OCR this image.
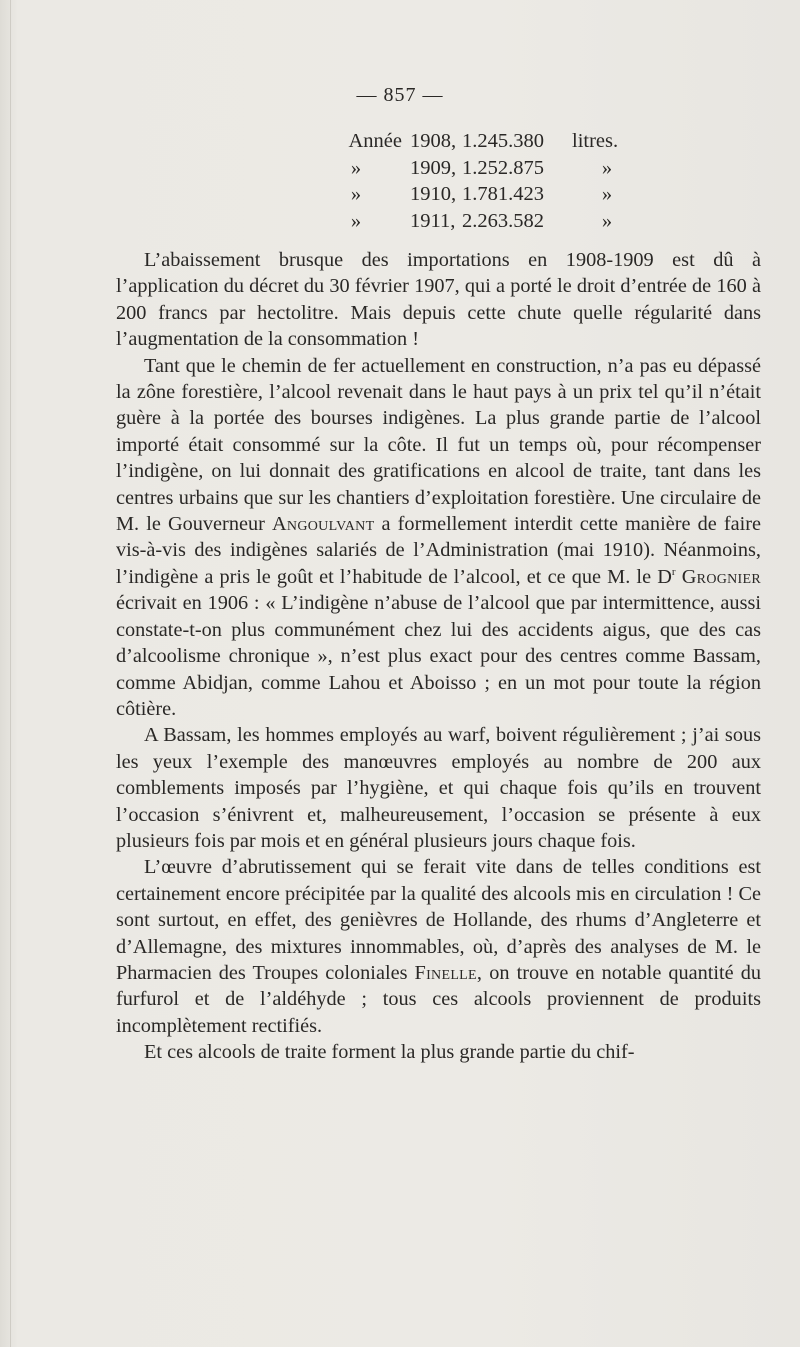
— 857 —
Année 1908, 1.245.380	litres.
»	1909, 1.252.875	»
»	1910, 1.781.423	»
»	1911, 2.263.582	»

L’abaissement brusque des importations en 1908-1909 est dû à l’application du décret du 30 février 1907, qui a porté le droit d’entrée de 160 à 200 francs par hectolitre. Mais depuis cette chute quelle régularité dans l’augmentation de la consommation !

Tant que le chemin de fer actuellement en construction, n’a pas eu dépassé la zône forestière, l’alcool revenait dans le haut pays à un prix tel qu’il n’était guère à la portée des bourses indigènes. La plus grande partie de l’alcool importé était consommé sur la côte. Il fut un temps où, pour récompenser l’indigène, on lui donnait des gratifications en alcool de traite, tant dans les centres urbains que sur les chantiers d’exploitation forestière. Une circulaire de M. le Gouverneur Angoulvant a formellement interdit cette manière de faire vis-à-vis des indigènes salariés de l’Administration (mai 1910). Néanmoins, l’indigène a pris le goût et l’habitude de l’alcool, et ce que M. le $D^r$ Grognier écrivait en 1906 : « L’indigène n’abuse de l’alcool que par intermittence, aussi constate-t-on plus communément chez lui des accidents aigus, que des cas d’alcoolisme chronique », n’est plus exact pour des centres comme Bassam, comme Abidjan, comme Lahou et Aboisso ; en un mot pour toute la région côtière.

A Bassam, les hommes employés au warf, boivent régulièrement ; j’ai sous les yeux l’exemple des manœuvres employés au nombre de 200 aux comblements imposés par l’hygiène, et qui chaque fois qu’ils en trouvent l’occasion s’énivrent et, malheureusement, l’occasion se présente à eux plusieurs fois par mois et en général plusieurs jours chaque fois.

L’œuvre d’abrutissement qui se ferait vite dans de telles conditions est certainement encore précipitée par la qualité des alcools mis en circulation ! Ce sont surtout, en effet, des genièvres de Hollande, des rhums d’Angleterre et d’Allemagne, des mixtures innommables, où, d’après des analyses de M. le Pharmacien des Troupes coloniales Finelle, on trouve en notable quantité du furfurol et de l’aldéhyde ; tous ces alcools proviennent de produits incomplètement rectifiés.

Et ces alcools de traite forment la plus grande partie du chif-
